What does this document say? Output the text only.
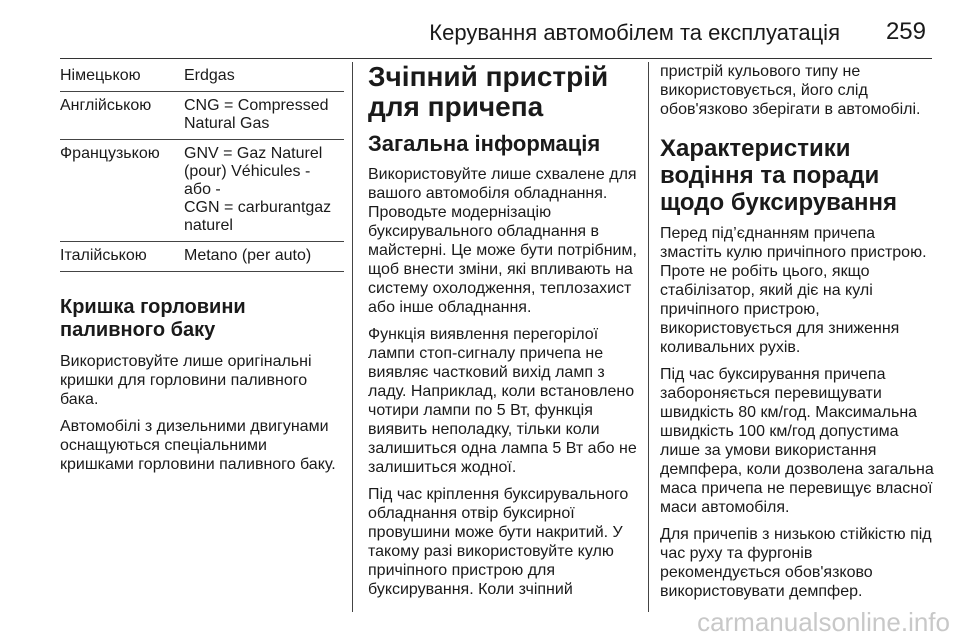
Керування автомобілем та експлуатація 259
Німецькою	Erdgas
Англійською	CNG = Compressed
Natural Gas
Французькою	GNV = Gaz Naturel
(pour) Véhicules -
або -
CGN = carburantgaz
naturel
Італійською	Metano (per auto)
Кришка горловини паливного баку

Використовуйте лише оригінальні кришки для горловини паливного бака.

Автомобілі з дизельними двигунами оснащуються спеціальними кришками горловини паливного баку.

Зчіпний пристрій для причепа
Загальна інформація

Використовуйте лише схвалене для вашого автомобіля обладнання. Проводьте модернізацію буксирувального обладнання в майстерні. Це може бути потрібним, щоб внести зміни, які впливають на систему охолодження, теплозахист або інше обладнання.

Функція виявлення перегорілої лампи стоп-сигналу причепа не виявляє частковий вихід ламп з ладу. Наприклад, коли встановлено чотири лампи по 5 Вт, функція виявить неполадку, тільки коли залишиться одна лампа 5 Вт або не залишиться жодної.

Під час кріплення буксирувального обладнання отвір буксирної провушини може бути накритий. У такому разі використовуйте кулю причіпного пристрою для буксирування. Коли зчіпний

пристрій кульового типу не використовується, його слід обов'язково зберігати в автомобілі.

Характеристики водіння та поради щодо буксирування

Перед під’єднанням причепа змастіть кулю причіпного пристрою. Проте не робіть цього, якщо стабілізатор, який діє на кулі причіпного пристрою, використовується для зниження коливальних рухів.

Під час буксирування причепа забороняється перевищувати швидкість 80 км/год. Максимальна швидкість 100 км/год допустима лише за умови використання демпфера, коли дозволена загальна маса причепа не перевищує власної маси автомобіля.

Для причепів з низькою стійкістю під час руху та фургонів рекомендується обов'язково використовувати демпфер.

carmanualsonline.info
